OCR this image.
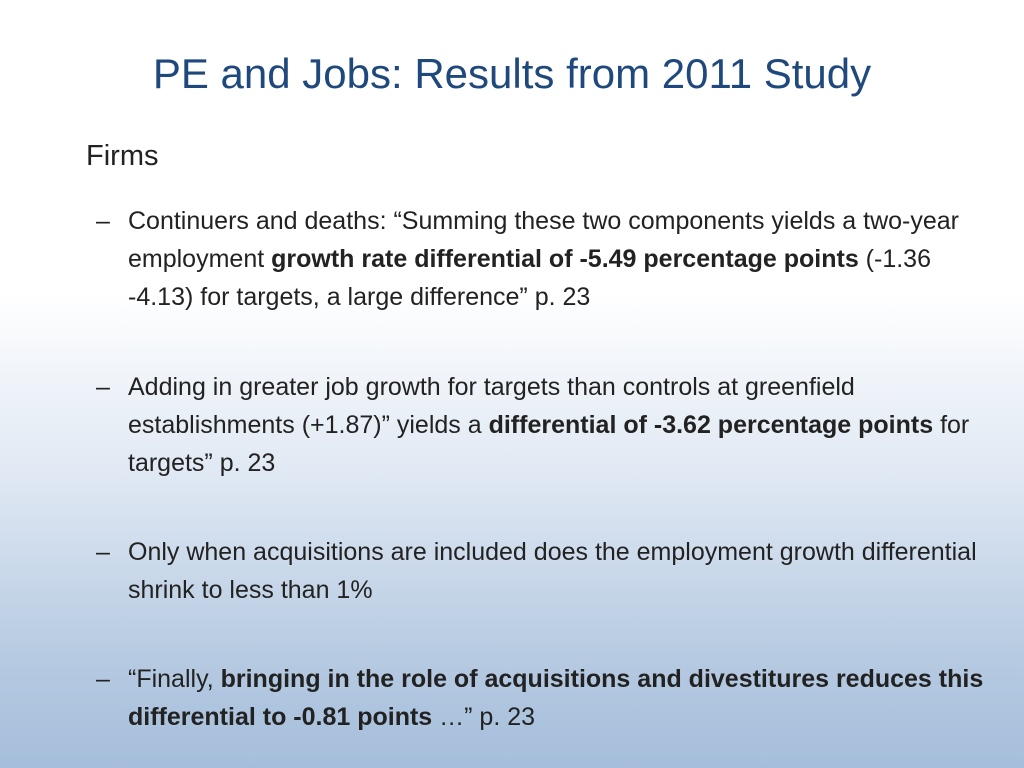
PE and Jobs: Results from 2011 Study
Firms
– Continuers and deaths: “Summing these two components yields a two-year employment growth rate differential of -5.49 percentage points (-1.36 -4.13) for targets, a large difference” p. 23
– Adding in greater job growth for targets than controls at greenfield establishments (+1.87)” yields a differential of -3.62 percentage points for targets” p. 23
– Only when acquisitions are included does the employment growth differential shrink to less than 1%
– “Finally, bringing in the role of acquisitions and divestitures reduces this differential to -0.81 points …” p. 23
